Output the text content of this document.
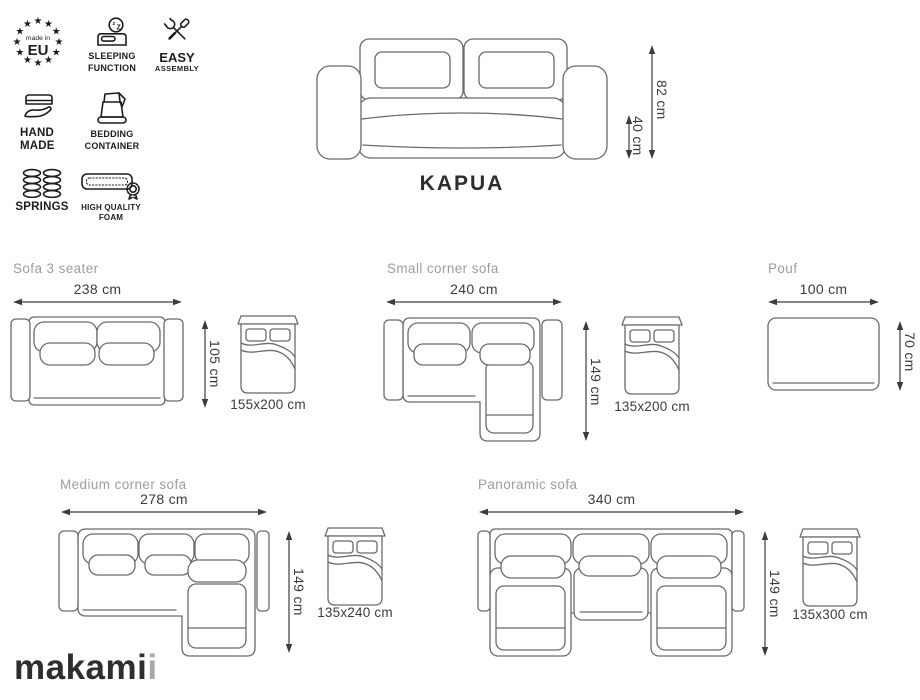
★
★
★
★
★
★
★
★
★ ★ ★
★
made in
EU
z
Z
SLEEPING
FUNCTION
EASY
ASSEMBLY
HAND
MADE
BEDDING
CONTAINER
SPRINGS HIGH QUALITY
FOAM
40 cm
82 cm
KAPUA
Sofa 3 seater
238 cm
105 cm
155x200 cm
Small corner sofa
240 cm
149 cm
135x200 cm
Pouf
100 cm
70 cm
Medium corner sofa
278 cm
149 cm 135x240 cm
Panoramic sofa
340 cm
149 cm 135x300 cm
makamii
